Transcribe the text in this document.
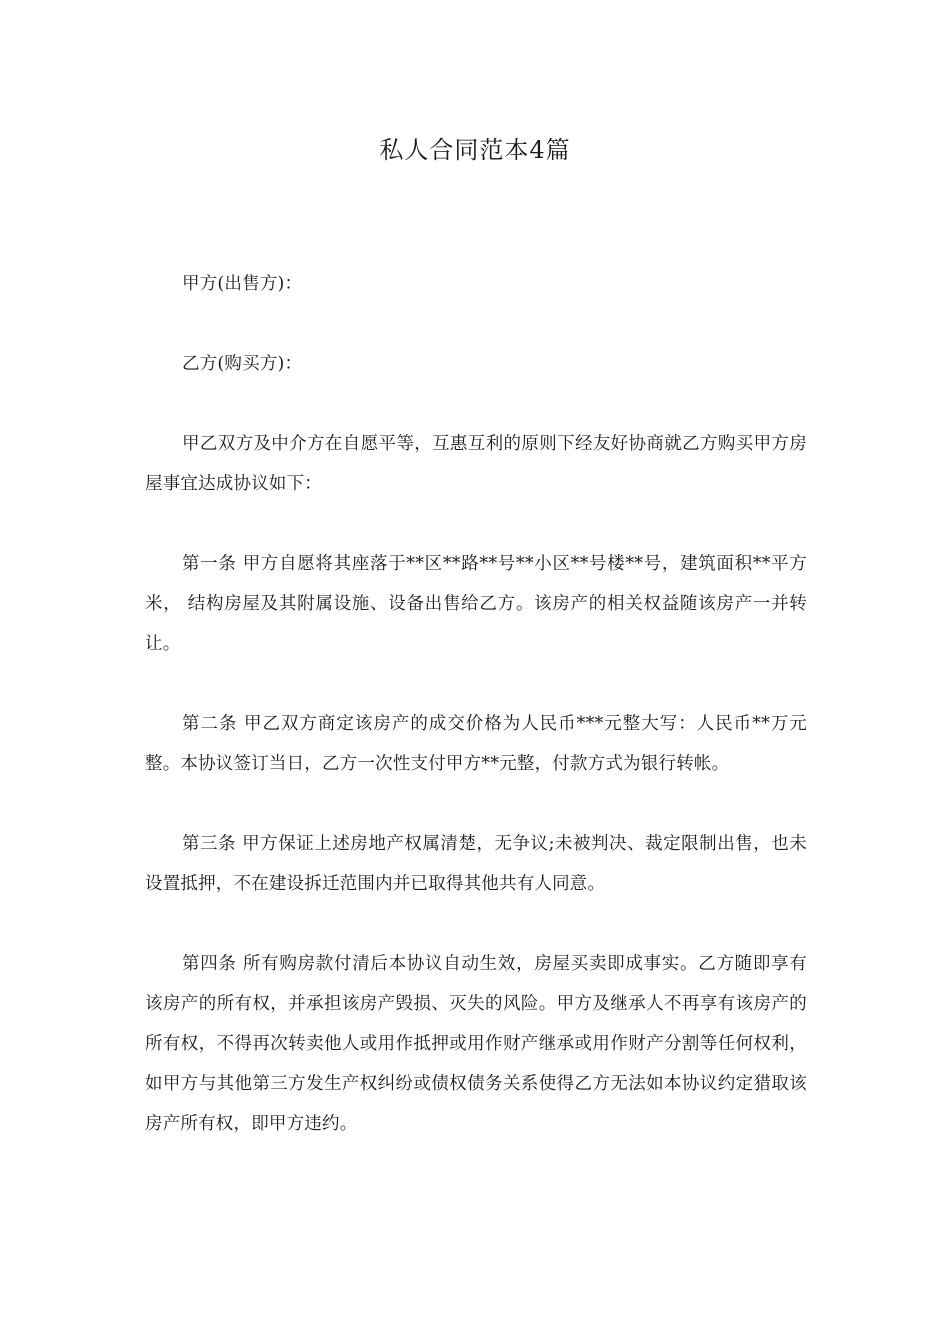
私人合同范本4篇

甲方(出售方)：

乙方(购买方)：

甲乙双方及中介方在自愿平等，互惠互利的原则下经友好协商就乙方购买甲方房屋事宜达成协议如下：

第一条 甲方自愿将其座落于**区**路**号**小区**号楼**号，建筑面积**平方米， 结构房屋及其附属设施、设备出售给乙方。该房产的相关权益随该房产一并转让。

第二条 甲乙双方商定该房产的成交价格为人民币***元整大写：人民币**万元整。本协议签订当日，乙方一次性支付甲方**元整，付款方式为银行转帐。

第三条 甲方保证上述房地产权属清楚，无争议;未被判决、裁定限制出售，也未设置抵押，不在建设拆迁范围内并已取得其他共有人同意。

第四条 所有购房款付清后本协议自动生效，房屋买卖即成事实。乙方随即享有该房产的所有权，并承担该房产毁损、灭失的风险。甲方及继承人不再享有该房产的所有权，不得再次转卖他人或用作抵押或用作财产继承或用作财产分割等任何权利，如甲方与其他第三方发生产权纠纷或债权债务关系使得乙方无法如本协议约定猎取该房产所有权，即甲方违约。
